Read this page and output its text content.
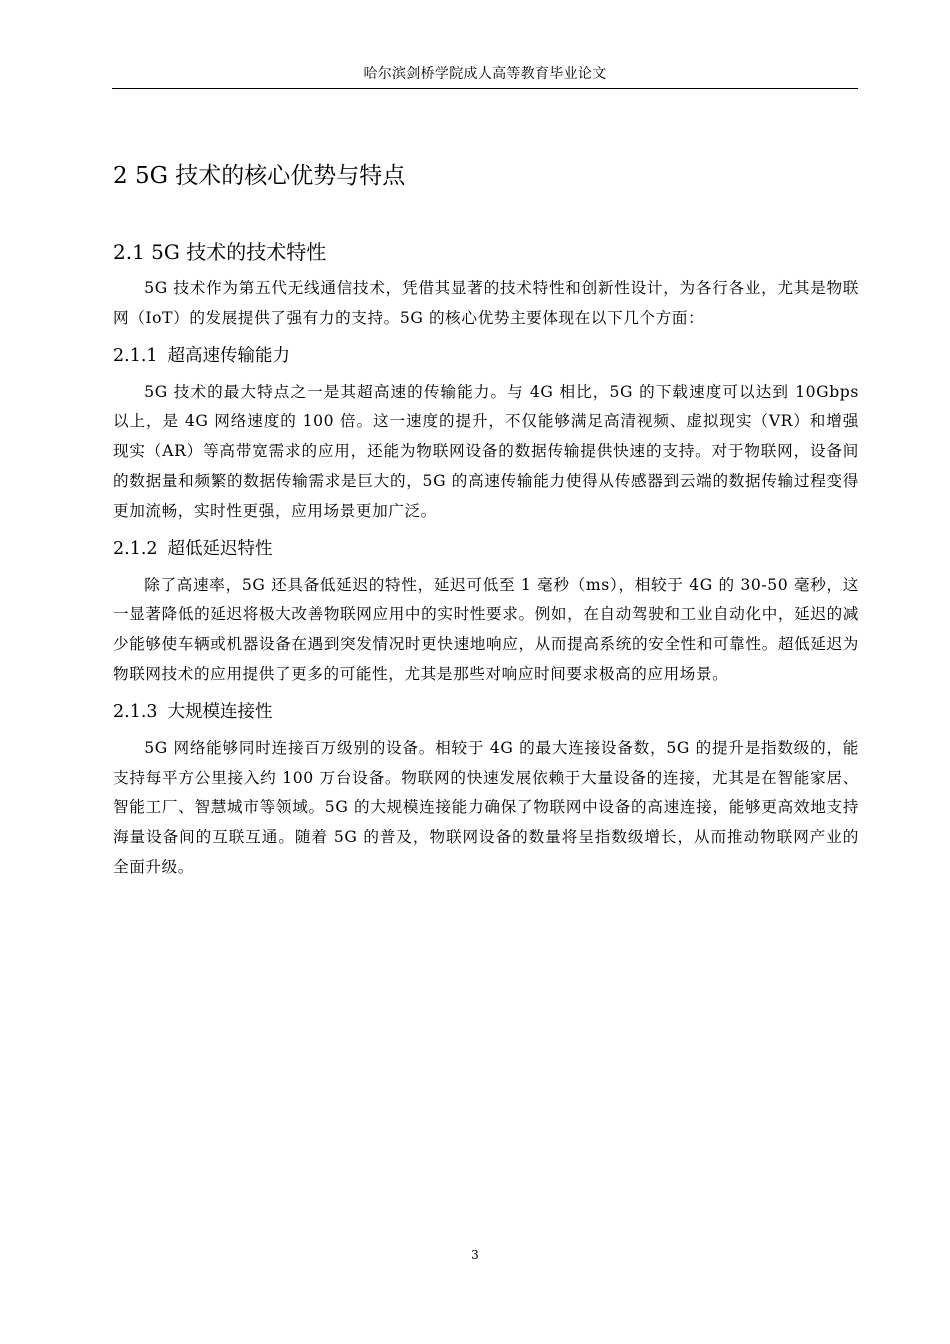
哈尔滨剑桥学院成人高等教育毕业论文
2 5G 技术的核心优势与特点
2.1 5G 技术的技术特性

5G 技术作为第五代无线通信技术，凭借其显著的技术特性和创新性设计，为各行各业，尤其是物联网（IoT）的发展提供了强有力的支持。5G 的核心优势主要体现在以下几个方面：

2.1.1 超高速传输能力

5G 技术的最大特点之一是其超高速的传输能力。与 4G 相比，5G 的下载速度可以达到 10Gbps 以上，是 4G 网络速度的 100 倍。这一速度的提升，不仅能够满足高清视频、虚拟现实（VR）和增强现实（AR）等高带宽需求的应用，还能为物联网设备的数据传输提供快速的支持。对于物联网，设备间的数据量和频繁的数据传输需求是巨大的，5G 的高速传输能力使得从传感器到云端的数据传输过程变得更加流畅，实时性更强，应用场景更加广泛。

2.1.2 超低延迟特性

除了高速率，5G 还具备低延迟的特性，延迟可低至 1 毫秒（ms），相较于 4G 的 30-50 毫秒，这一显著降低的延迟将极大改善物联网应用中的实时性要求。例如，在自动驾驶和工业自动化中，延迟的减少能够使车辆或机器设备在遇到突发情况时更快速地响应，从而提高系统的安全性和可靠性。超低延迟为物联网技术的应用提供了更多的可能性，尤其是那些对响应时间要求极高的应用场景。

2.1.3 大规模连接性

5G 网络能够同时连接百万级别的设备。相较于 4G 的最大连接设备数，5G 的提升是指数级的，能支持每平方公里接入约 100 万台设备。物联网的快速发展依赖于大量设备的连接，尤其是在智能家居、智能工厂、智慧城市等领域。5G 的大规模连接能力确保了物联网中设备的高速连接，能够更高效地支持海量设备间的互联互通。随着 5G 的普及，物联网设备的数量将呈指数级增长，从而推动物联网产业的全面升级。

3
